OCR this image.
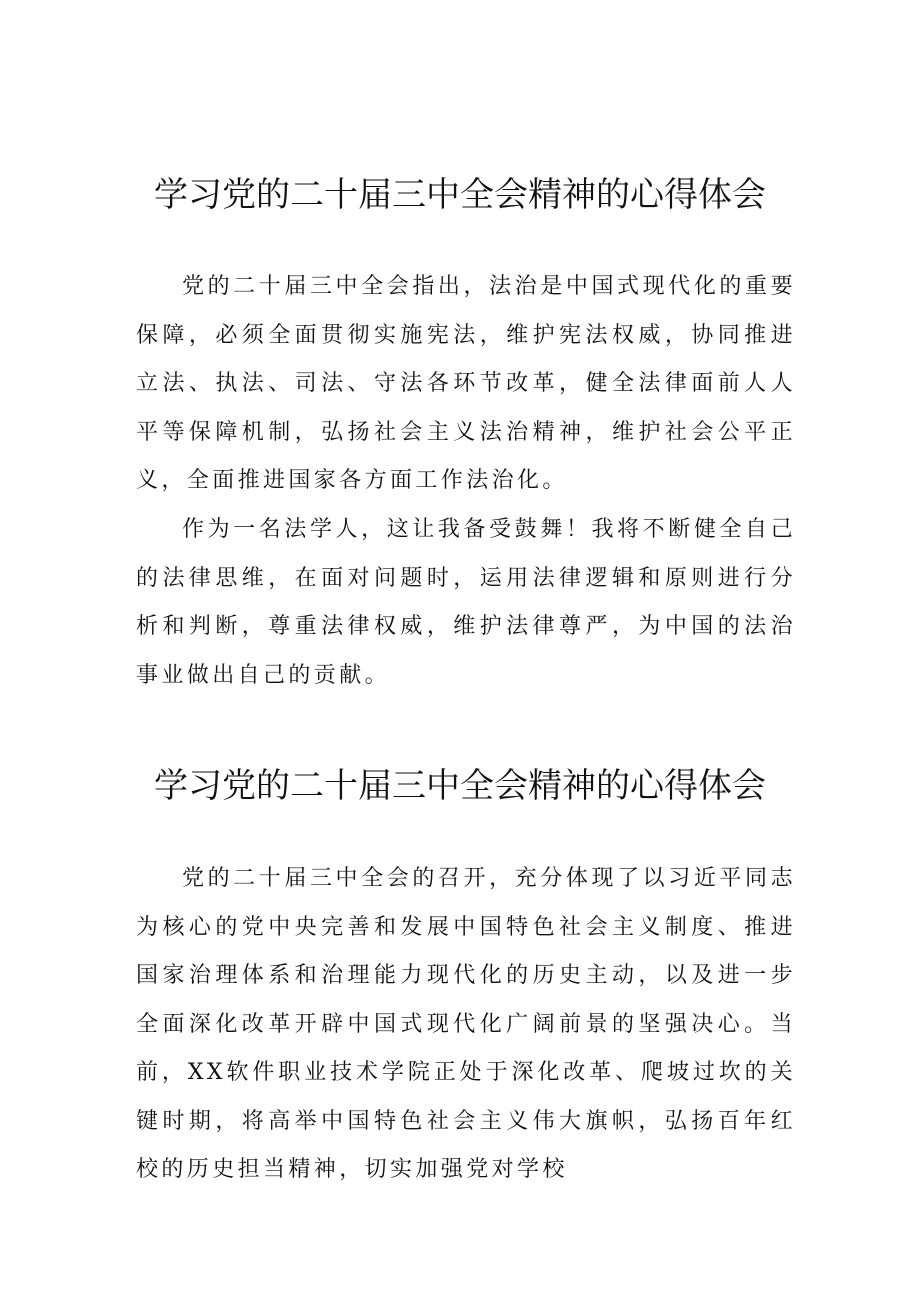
学习党的二十届三中全会精神的心得体会

党的二十届三中全会指出，法治是中国式现代化的重要保障，必须全面贯彻实施宪法，维护宪法权威，协同推进立法、执法、司法、守法各环节改革，健全法律面前人人平等保障机制，弘扬社会主义法治精神，维护社会公平正义，全面推进国家各方面工作法治化。

作为一名法学人，这让我备受鼓舞！我将不断健全自己的法律思维，在面对问题时，运用法律逻辑和原则进行分析和判断，尊重法律权威，维护法律尊严，为中国的法治事业做出自己的贡献。

学习党的二十届三中全会精神的心得体会

党的二十届三中全会的召开，充分体现了以习近平同志为核心的党中央完善和发展中国特色社会主义制度、推进国家治理体系和治理能力现代化的历史主动，以及进一步全面深化改革开辟中国式现代化广阔前景的坚强决心。当前，XX软件职业技术学院正处于深化改革、爬坡过坎的关键时期，将高举中国特色社会主义伟大旗帜，弘扬百年红校的历史担当精神，切实加强党对学校
